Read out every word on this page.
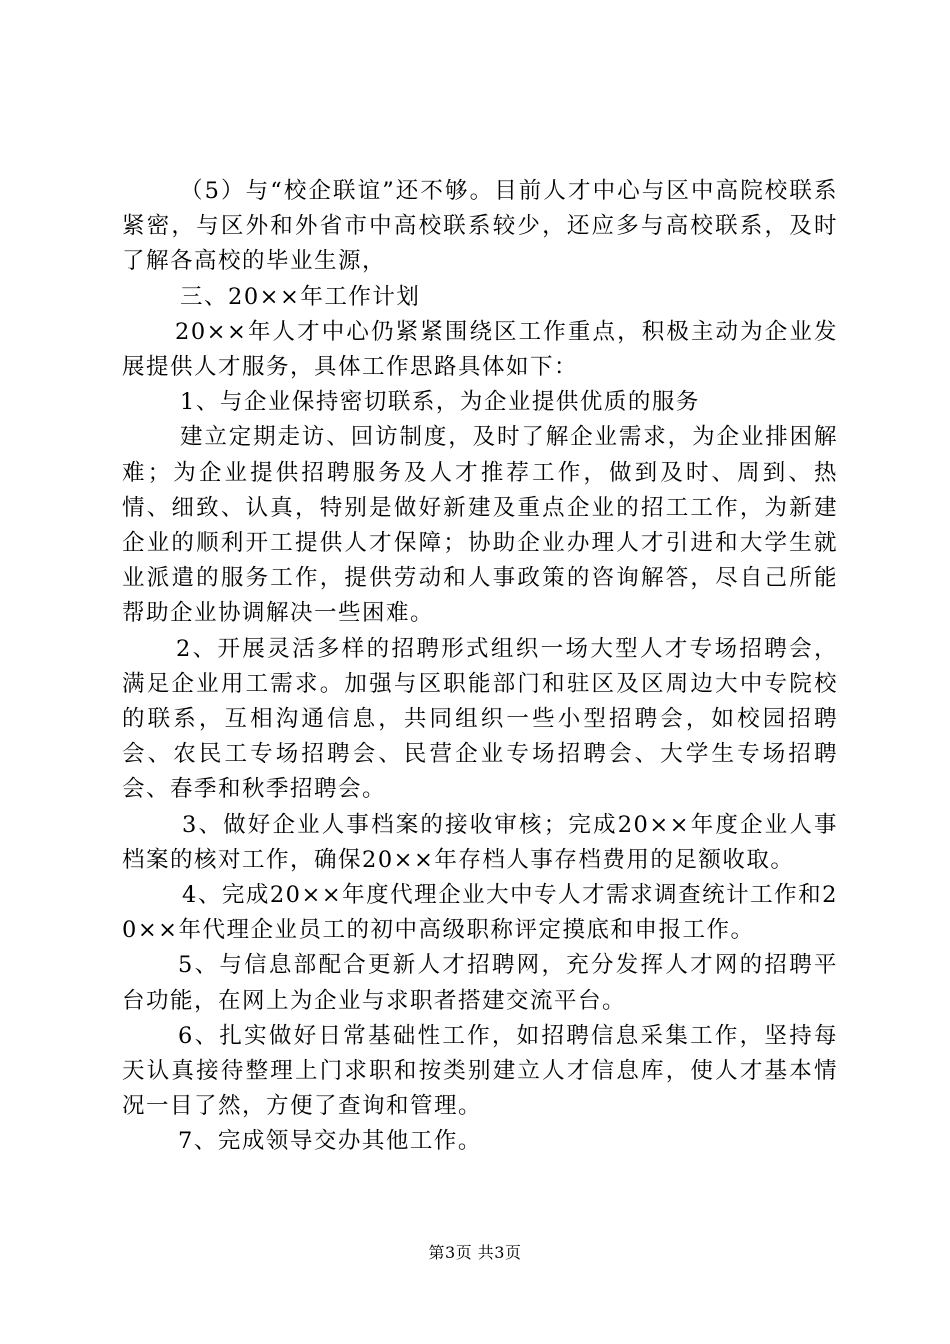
（5）与“校企联谊”还不够。目前人才中心与区中高院校联系紧密，与区外和外省市中高校联系较少，还应多与高校联系，及时了解各高校的毕业生源，

三、20××年工作计划

20××年人才中心仍紧紧围绕区工作重点，积极主动为企业发展提供人才服务，具体工作思路具体如下：

1、与企业保持密切联系，为企业提供优质的服务

建立定期走访、回访制度，及时了解企业需求，为企业排困解难；为企业提供招聘服务及人才推荐工作，做到及时、周到、热情、细致、认真，特别是做好新建及重点企业的招工工作，为新建企业的顺利开工提供人才保障；协助企业办理人才引进和大学生就业派遣的服务工作，提供劳动和人事政策的咨询解答，尽自己所能帮助企业协调解决一些困难。

2、开展灵活多样的招聘形式组织一场大型人才专场招聘会，满足企业用工需求。加强与区职能部门和驻区及区周边大中专院校的联系，互相沟通信息，共同组织一些小型招聘会，如校园招聘会、农民工专场招聘会、民营企业专场招聘会、大学生专场招聘会、春季和秋季招聘会。

3、做好企业人事档案的接收审核；完成20××年度企业人事档案的核对工作，确保20××年存档人事存档费用的足额收取。

4、完成20××年度代理企业大中专人才需求调查统计工作和20××年代理企业员工的初中高级职称评定摸底和申报工作。

5、与信息部配合更新人才招聘网，充分发挥人才网的招聘平台功能，在网上为企业与求职者搭建交流平台。

6、扎实做好日常基础性工作，如招聘信息采集工作，坚持每天认真接待整理上门求职和按类别建立人才信息库，使人才基本情况一目了然，方便了查询和管理。

7、完成领导交办其他工作。

第3页 共3页
